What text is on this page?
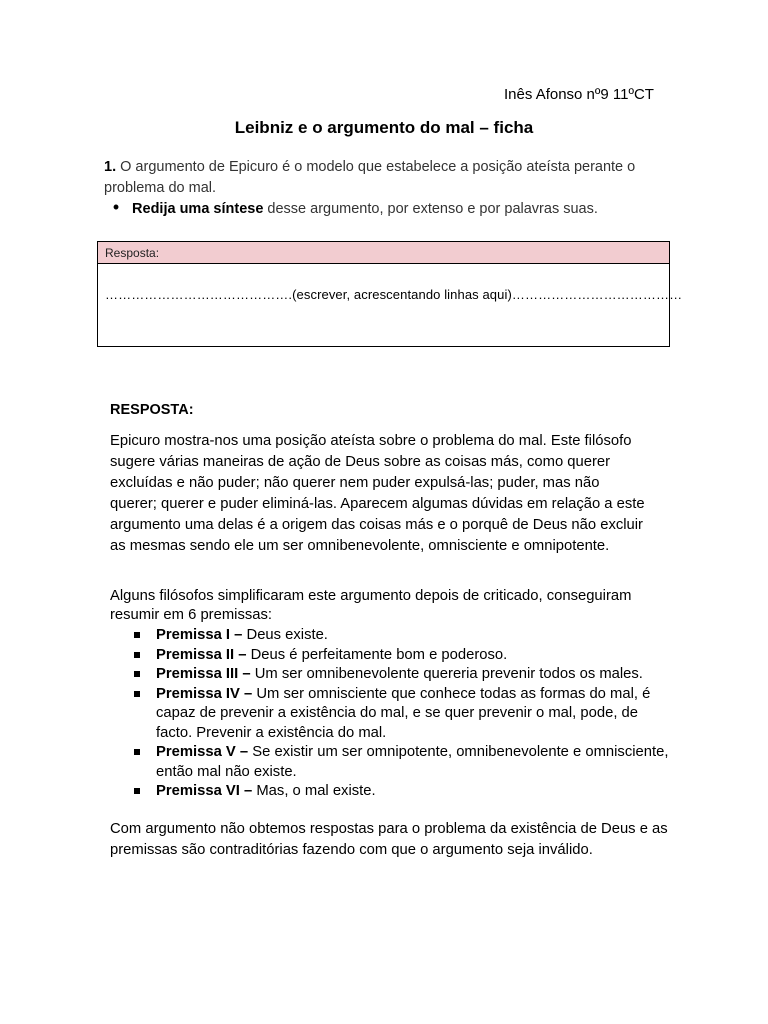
Inês Afonso nº9 11ºCT
Leibniz e o argumento do mal – ficha
1. O argumento de Epicuro é o modelo que estabelece a posição ateísta perante o problema do mal.
• Redija uma síntese desse argumento, por extenso e por palavras suas.
Resposta:
…………………………………….(escrever, acrescentando linhas aqui)…………………………………
RESPOSTA:
Epicuro mostra-nos uma posição ateísta sobre o problema do mal. Este filósofo sugere várias maneiras de ação de Deus sobre as coisas más, como querer excluídas e não puder; não querer nem puder expulsá-las; puder, mas não querer; querer e puder eliminá-las. Aparecem algumas dúvidas em relação a este argumento uma delas é a origem das coisas más e o porquê de Deus não excluir as mesmas sendo ele um ser omnibenevolente, omnisciente e omnipotente.
Alguns filósofos simplificaram este argumento depois de criticado, conseguiram resumir em 6 premissas:
Premissa I – Deus existe.
Premissa II – Deus é perfeitamente bom e poderoso.
Premissa III – Um ser omnibenevolente quereria prevenir todos os males.
Premissa IV – Um ser omnisciente que conhece todas as formas do mal, é capaz de prevenir a existência do mal, e se quer prevenir o mal, pode, de facto. Prevenir a existência do mal.
Premissa V – Se existir um ser omnipotente, omnibenevolente e omnisciente, então mal não existe.
Premissa VI – Mas, o mal existe.
Com argumento não obtemos respostas para o problema da existência de Deus e as premissas são contraditórias fazendo com que o argumento seja inválido.
